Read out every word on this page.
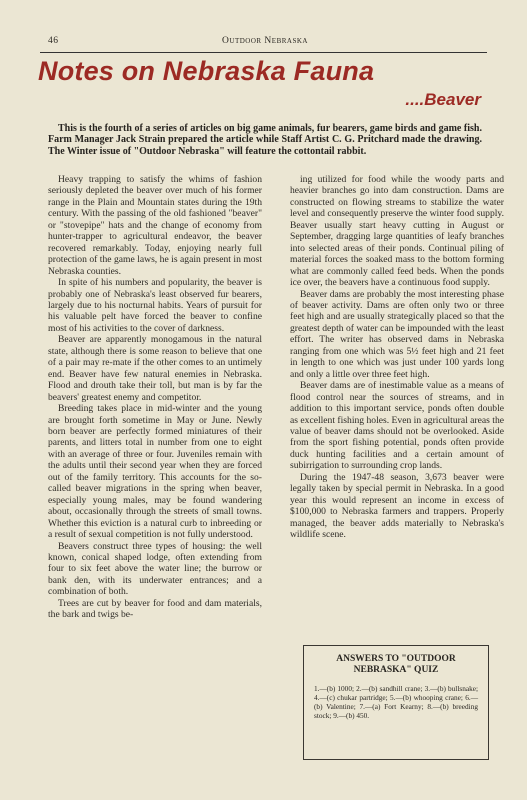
46	Outdoor Nebraska
Notes on Nebraska Fauna
....Beaver
This is the fourth of a series of articles on big game animals, fur bearers, game birds and game fish. Farm Manager Jack Strain prepared the article while Staff Artist C. G. Pritchard made the drawing. The Winter issue of "Outdoor Nebraska" will feature the cottontail rabbit.

Heavy trapping to satisfy the whims of fashion seriously depleted the beaver over much of his former range in the Plain and Mountain states during the 19th century. With the passing of the old fashioned "beaver" or "stovepipe" hats and the change of economy from hunter-trapper to agricultural endeavor, the beaver recovered remarkably. Today, enjoying nearly full protection of the game laws, he is again present in most Nebraska counties.

In spite of his numbers and popularity, the beaver is probably one of Nebraska's least observed fur bearers, largely due to his nocturnal habits. Years of pursuit for his valuable pelt have forced the beaver to confine most of his activities to the cover of darkness.

Beaver are apparently monogamous in the natural state, although there is some reason to believe that one of a pair may re-mate if the other comes to an untimely end. Beaver have few natural enemies in Nebraska. Flood and drouth take their toll, but man is by far the beavers' greatest enemy and competitor.

Breeding takes place in mid-winter and the young are brought forth sometime in May or June. Newly born beaver are perfectly formed miniatures of their parents, and litters total in number from one to eight with an average of three or four. Juveniles remain with the adults until their second year when they are forced out of the family territory. This accounts for the so-called beaver migrations in the spring when beaver, especially young males, may be found wandering about, occasionally through the streets of small towns. Whether this eviction is a natural curb to inbreeding or a result of sexual competition is not fully understood.

Beavers construct three types of housing: the well known, conical shaped lodge, often extending from four to six feet above the water line; the burrow or bank den, with its underwater entrances; and a combination of both.

Trees are cut by beaver for food and dam materials, the bark and twigs be-

ing utilized for food while the woody parts and heavier branches go into dam construction. Dams are constructed on flowing streams to stabilize the water level and consequently preserve the winter food supply. Beaver usually start heavy cutting in August or September, dragging large quantities of leafy branches into selected areas of their ponds. Continual piling of material forces the soaked mass to the bottom forming what are commonly called feed beds. When the ponds ice over, the beavers have a continuous food supply.

Beaver dams are probably the most interesting phase of beaver activity. Dams are often only two or three feet high and are usually strategically placed so that the greatest depth of water can be impounded with the least effort. The writer has observed dams in Nebraska ranging from one which was 5½ feet high and 21 feet in length to one which was just under 100 yards long and only a little over three feet high.

Beaver dams are of inestimable value as a means of flood control near the sources of streams, and in addition to this important service, ponds often double as excellent fishing holes. Even in agricultural areas the value of beaver dams should not be overlooked. Aside from the sport fishing potential, ponds often provide duck hunting facilities and a certain amount of subirrigation to surrounding crop lands.

During the 1947-48 season, 3,673 beaver were legally taken by special permit in Nebraska. In a good year this would represent an income in excess of $100,000 to Nebraska farmers and trappers. Properly managed, the beaver adds materially to Nebraska's wildlife scene.

ANSWERS TO "OUTDOOR
NEBRASKA" QUIZ
1.—(b) 1000; 2.—(b) sandhill crane; 3.—(b) bullsnake; 4.—(c) chukar partridge; 5.—(b) whooping crane; 6.—(b) Valentine; 7.—(a) Fort Kearny; 8.—(b) breeding stock; 9.—(b) 450.
